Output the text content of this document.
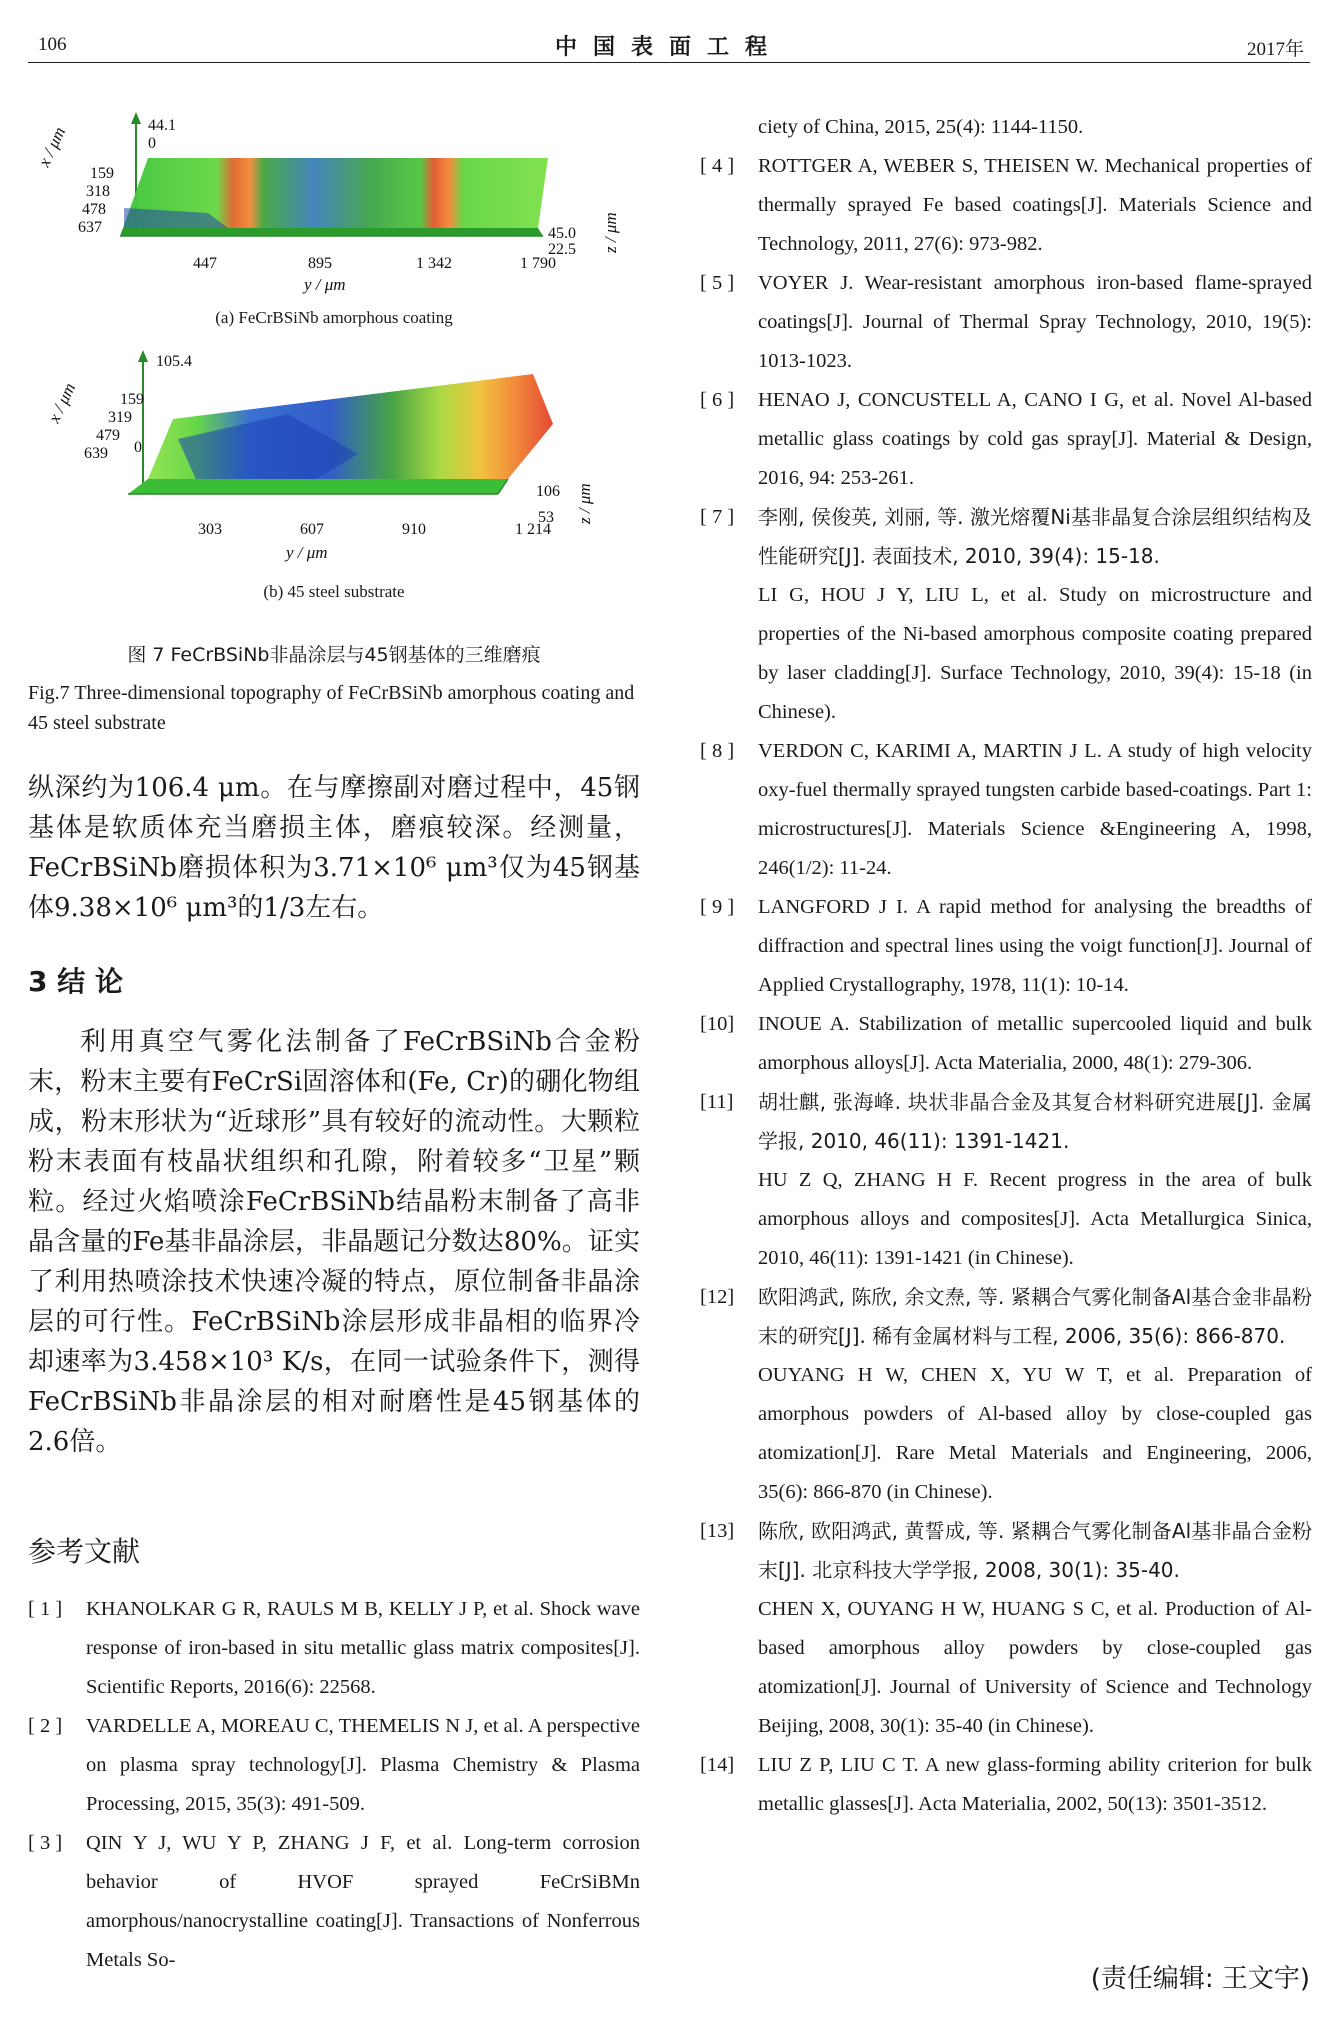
106	中国表面工程	2017年
44.1
0
159
318
478
637
x / μm
447	895	1 342	1 790
y / μm
45.0
22.5 z / μm
(a) FeCrBSiNb amorphous coating
105.4
0
159
319
479
639
x / μm
303	607	910	1 214
y / μm
106
53 z / μm
(b) 45 steel substrate
图 7 FeCrBSiNb非晶涂层与45钢基体的三维磨痕
Fig.7 Three-dimensional topography of FeCrBSiNb amorphous coating and 45 steel substrate

纵深约为106.4 μm。在与摩擦副对磨过程中，45钢基体是软质体充当磨损主体，磨痕较深。经测量，FeCrBSiNb磨损体积为3.71×10⁶ μm³仅为45钢基体9.38×10⁶ μm³的1/3左右。

3 结 论

利用真空气雾化法制备了FeCrBSiNb合金粉末，粉末主要有FeCrSi固溶体和(Fe, Cr)的硼化物组成，粉末形状为“近球形”具有较好的流动性。大颗粒粉末表面有枝晶状组织和孔隙，附着较多“卫星”颗粒。经过火焰喷涂FeCrBSiNb结晶粉末制备了高非晶含量的Fe基非晶涂层，非晶题记分数达80%。证实了利用热喷涂技术快速冷凝的特点，原位制备非晶涂层的可行性。FeCrBSiNb涂层形成非晶相的临界冷却速率为3.458×10³ K/s，在同一试验条件下，测得FeCrBSiNb非晶涂层的相对耐磨性是45钢基体的2.6倍。

参考文献
[ 1 ]	KHANOLKAR G R, RAULS M B, KELLY J P, et al. Shock wave response of iron-based in situ metallic glass matrix composites[J]. Scientific Reports, 2016(6): 22568.
[ 2 ]	VARDELLE A, MOREAU C, THEMELIS N J, et al. A perspective on plasma spray technology[J]. Plasma Chemistry & Plasma Processing, 2015, 35(3): 491-509.
[ 3 ]	QIN Y J, WU Y P, ZHANG J F, et al. Long-term corrosion behavior of HVOF sprayed FeCrSiBMn amorphous/nanocrystalline coating[J]. Transactions of Nonferrous Metals So-
ciety of China, 2015, 25(4): 1144-1150.
[ 4 ]	ROTTGER A, WEBER S, THEISEN W. Mechanical properties of thermally sprayed Fe based coatings[J]. Materials Science and Technology, 2011, 27(6): 973-982.
[ 5 ]	VOYER J. Wear-resistant amorphous iron-based flame-sprayed coatings[J]. Journal of Thermal Spray Technology, 2010, 19(5): 1013-1023.
[ 6 ]	HENAO J, CONCUSTELL A, CANO I G, et al. Novel Al-based metallic glass coatings by cold gas spray[J]. Material & Design, 2016, 94: 253-261.
[ 7 ]	李刚, 侯俊英, 刘丽, 等. 激光熔覆Ni基非晶复合涂层组织结构及性能研究[J]. 表面技术, 2010, 39(4): 15-18.
LI G, HOU J Y, LIU L, et al. Study on microstructure and properties of the Ni-based amorphous composite coating prepared by laser cladding[J]. Surface Technology, 2010, 39(4): 15-18 (in Chinese).
[ 8 ]	VERDON C, KARIMI A, MARTIN J L. A study of high velocity oxy-fuel thermally sprayed tungsten carbide based-coatings. Part 1: microstructures[J]. Materials Science &Engineering A, 1998, 246(1/2): 11-24.
[ 9 ]	LANGFORD J I. A rapid method for analysing the breadths of diffraction and spectral lines using the voigt function[J]. Journal of Applied Crystallography, 1978, 11(1): 10-14.
[10]	INOUE A. Stabilization of metallic supercooled liquid and bulk amorphous alloys[J]. Acta Materialia, 2000, 48(1): 279-306.
[11]	胡壮麒, 张海峰. 块状非晶合金及其复合材料研究进展[J]. 金属学报, 2010, 46(11): 1391-1421.
HU Z Q, ZHANG H F. Recent progress in the area of bulk amorphous alloys and composites[J]. Acta Metallurgica Sinica, 2010, 46(11): 1391-1421 (in Chinese).
[12]	欧阳鸿武, 陈欣, 余文焘, 等. 紧耦合气雾化制备Al基合金非晶粉末的研究[J]. 稀有金属材料与工程, 2006, 35(6): 866-870.
OUYANG H W, CHEN X, YU W T, et al. Preparation of amorphous powders of Al-based alloy by close-coupled gas atomization[J]. Rare Metal Materials and Engineering, 2006, 35(6): 866-870 (in Chinese).
[13]	陈欣, 欧阳鸿武, 黄誓成, 等. 紧耦合气雾化制备Al基非晶合金粉末[J]. 北京科技大学学报, 2008, 30(1): 35-40.
CHEN X, OUYANG H W, HUANG S C, et al. Production of Al-based amorphous alloy powders by close-coupled gas atomization[J]. Journal of University of Science and Technology Beijing, 2008, 30(1): 35-40 (in Chinese).
[14]	LIU Z P, LIU C T. A new glass-forming ability criterion for bulk metallic glasses[J]. Acta Materialia, 2002, 50(13): 3501-3512.
(责任编辑: 王文宇)
